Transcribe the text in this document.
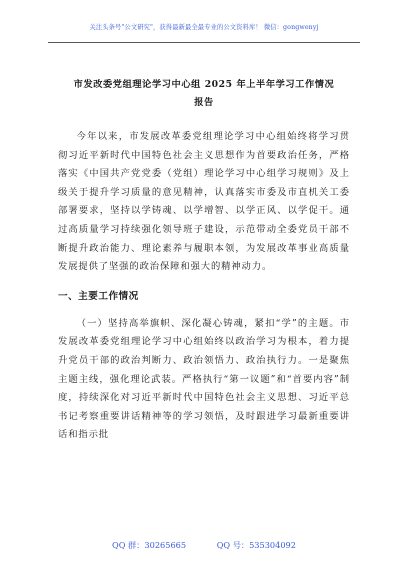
关注头条号"公文研究"，获得最新最全最专业的公文资料库！ 微信：gongwenyj
市发改委党组理论学习中心组 2025 年上半年学习工作情况
报告

今年以来，市发展改革委党组理论学习中心组始终将学习贯彻习近平新时代中国特色社会主义思想作为首要政治任务，严格落实《中国共产党党委（党组）理论学习中心组学习规则》及上级关于提升学习质量的意见精神，认真落实市委及市直机关工委部署要求，坚持以学铸魂、以学增智、以学正风、以学促干。通过高质量学习持续强化领导班子建设，示范带动全委党员干部不断提升政治能力、理论素养与履职本领，为发展改革事业高质量发展提供了坚强的政治保障和强大的精神动力。

一、主要工作情况

（一）坚持高举旗帜、深化凝心铸魂，紧扣“学”的主题。市发展改革委党组理论学习中心组始终以政治学习为根本，着力提升党员干部的政治判断力、政治领悟力、政治执行力。一是聚焦主题主线，强化理论武装。严格执行“第一议题”和“首要内容”制度，持续深化对习近平新时代中国特色社会主义思想、习近平总书记考察重要讲话精神等的学习领悟，及时跟进学习最新重要讲话和指示批

QQ 群：30265665	QQ 号：535304092
